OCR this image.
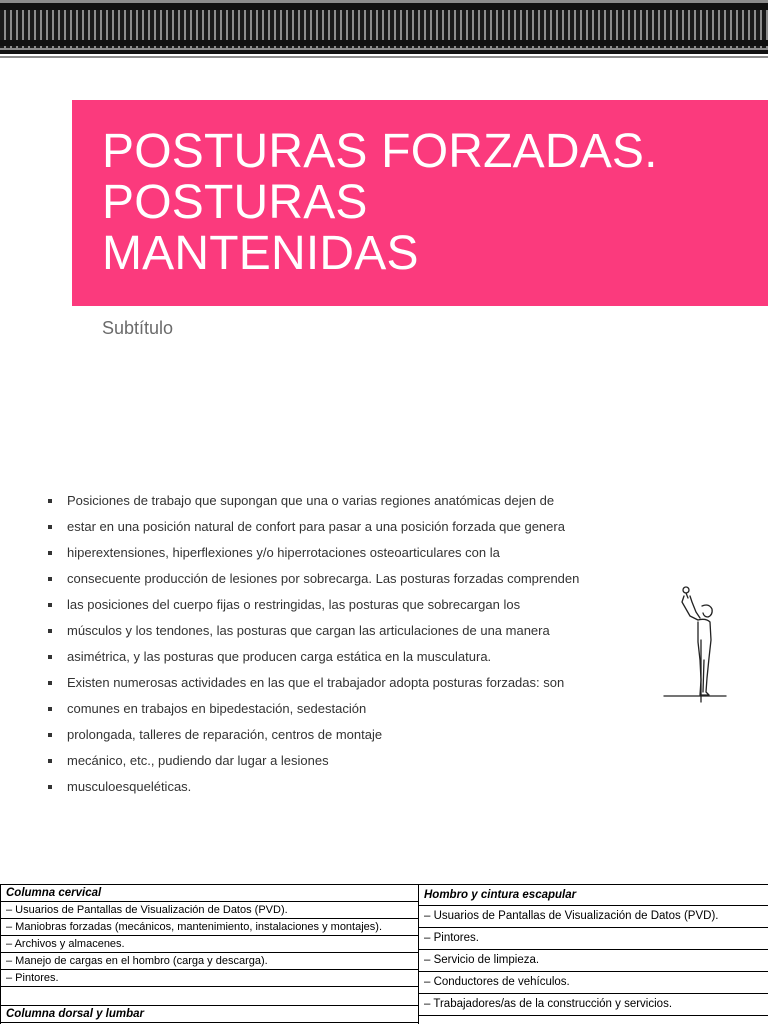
POSTURAS FORZADAS.
POSTURAS
MANTENIDAS
Subtítulo
Posiciones de trabajo que supongan que una o varias regiones anatómicas dejen de
estar en una posición natural de confort para pasar a una posición forzada que genera
hiperextensiones, hiperflexiones y/o hiperrotaciones osteoarticulares con la
consecuente producción de lesiones por sobrecarga. Las posturas forzadas comprenden
las posiciones del cuerpo fijas o restringidas, las posturas que sobrecargan los
músculos y los tendones, las posturas que cargan las articulaciones de una manera
asimétrica, y las posturas que producen carga estática en la musculatura.
Existen numerosas actividades en las que el trabajador adopta posturas forzadas: son
comunes en trabajos en bipedestación, sedestación
prolongada, talleres de reparación, centros de montaje
mecánico, etc., pudiendo dar lugar a lesiones
musculoesqueléticas.
Columna cervical
– Usuarios de Pantallas de Visualización de Datos (PVD).
– Maniobras forzadas (mecánicos, mantenimiento, instalaciones y montajes).
– Archivos y almacenes.
– Manejo de cargas en el hombro (carga y descarga).
– Pintores.
Columna dorsal y lumbar
Hombro y cintura escapular
– Usuarios de Pantallas de Visualización de Datos (PVD).
– Pintores.
– Servicio de limpieza.
– Conductores de vehículos.
– Trabajadores/as de la construcción y servicios.
